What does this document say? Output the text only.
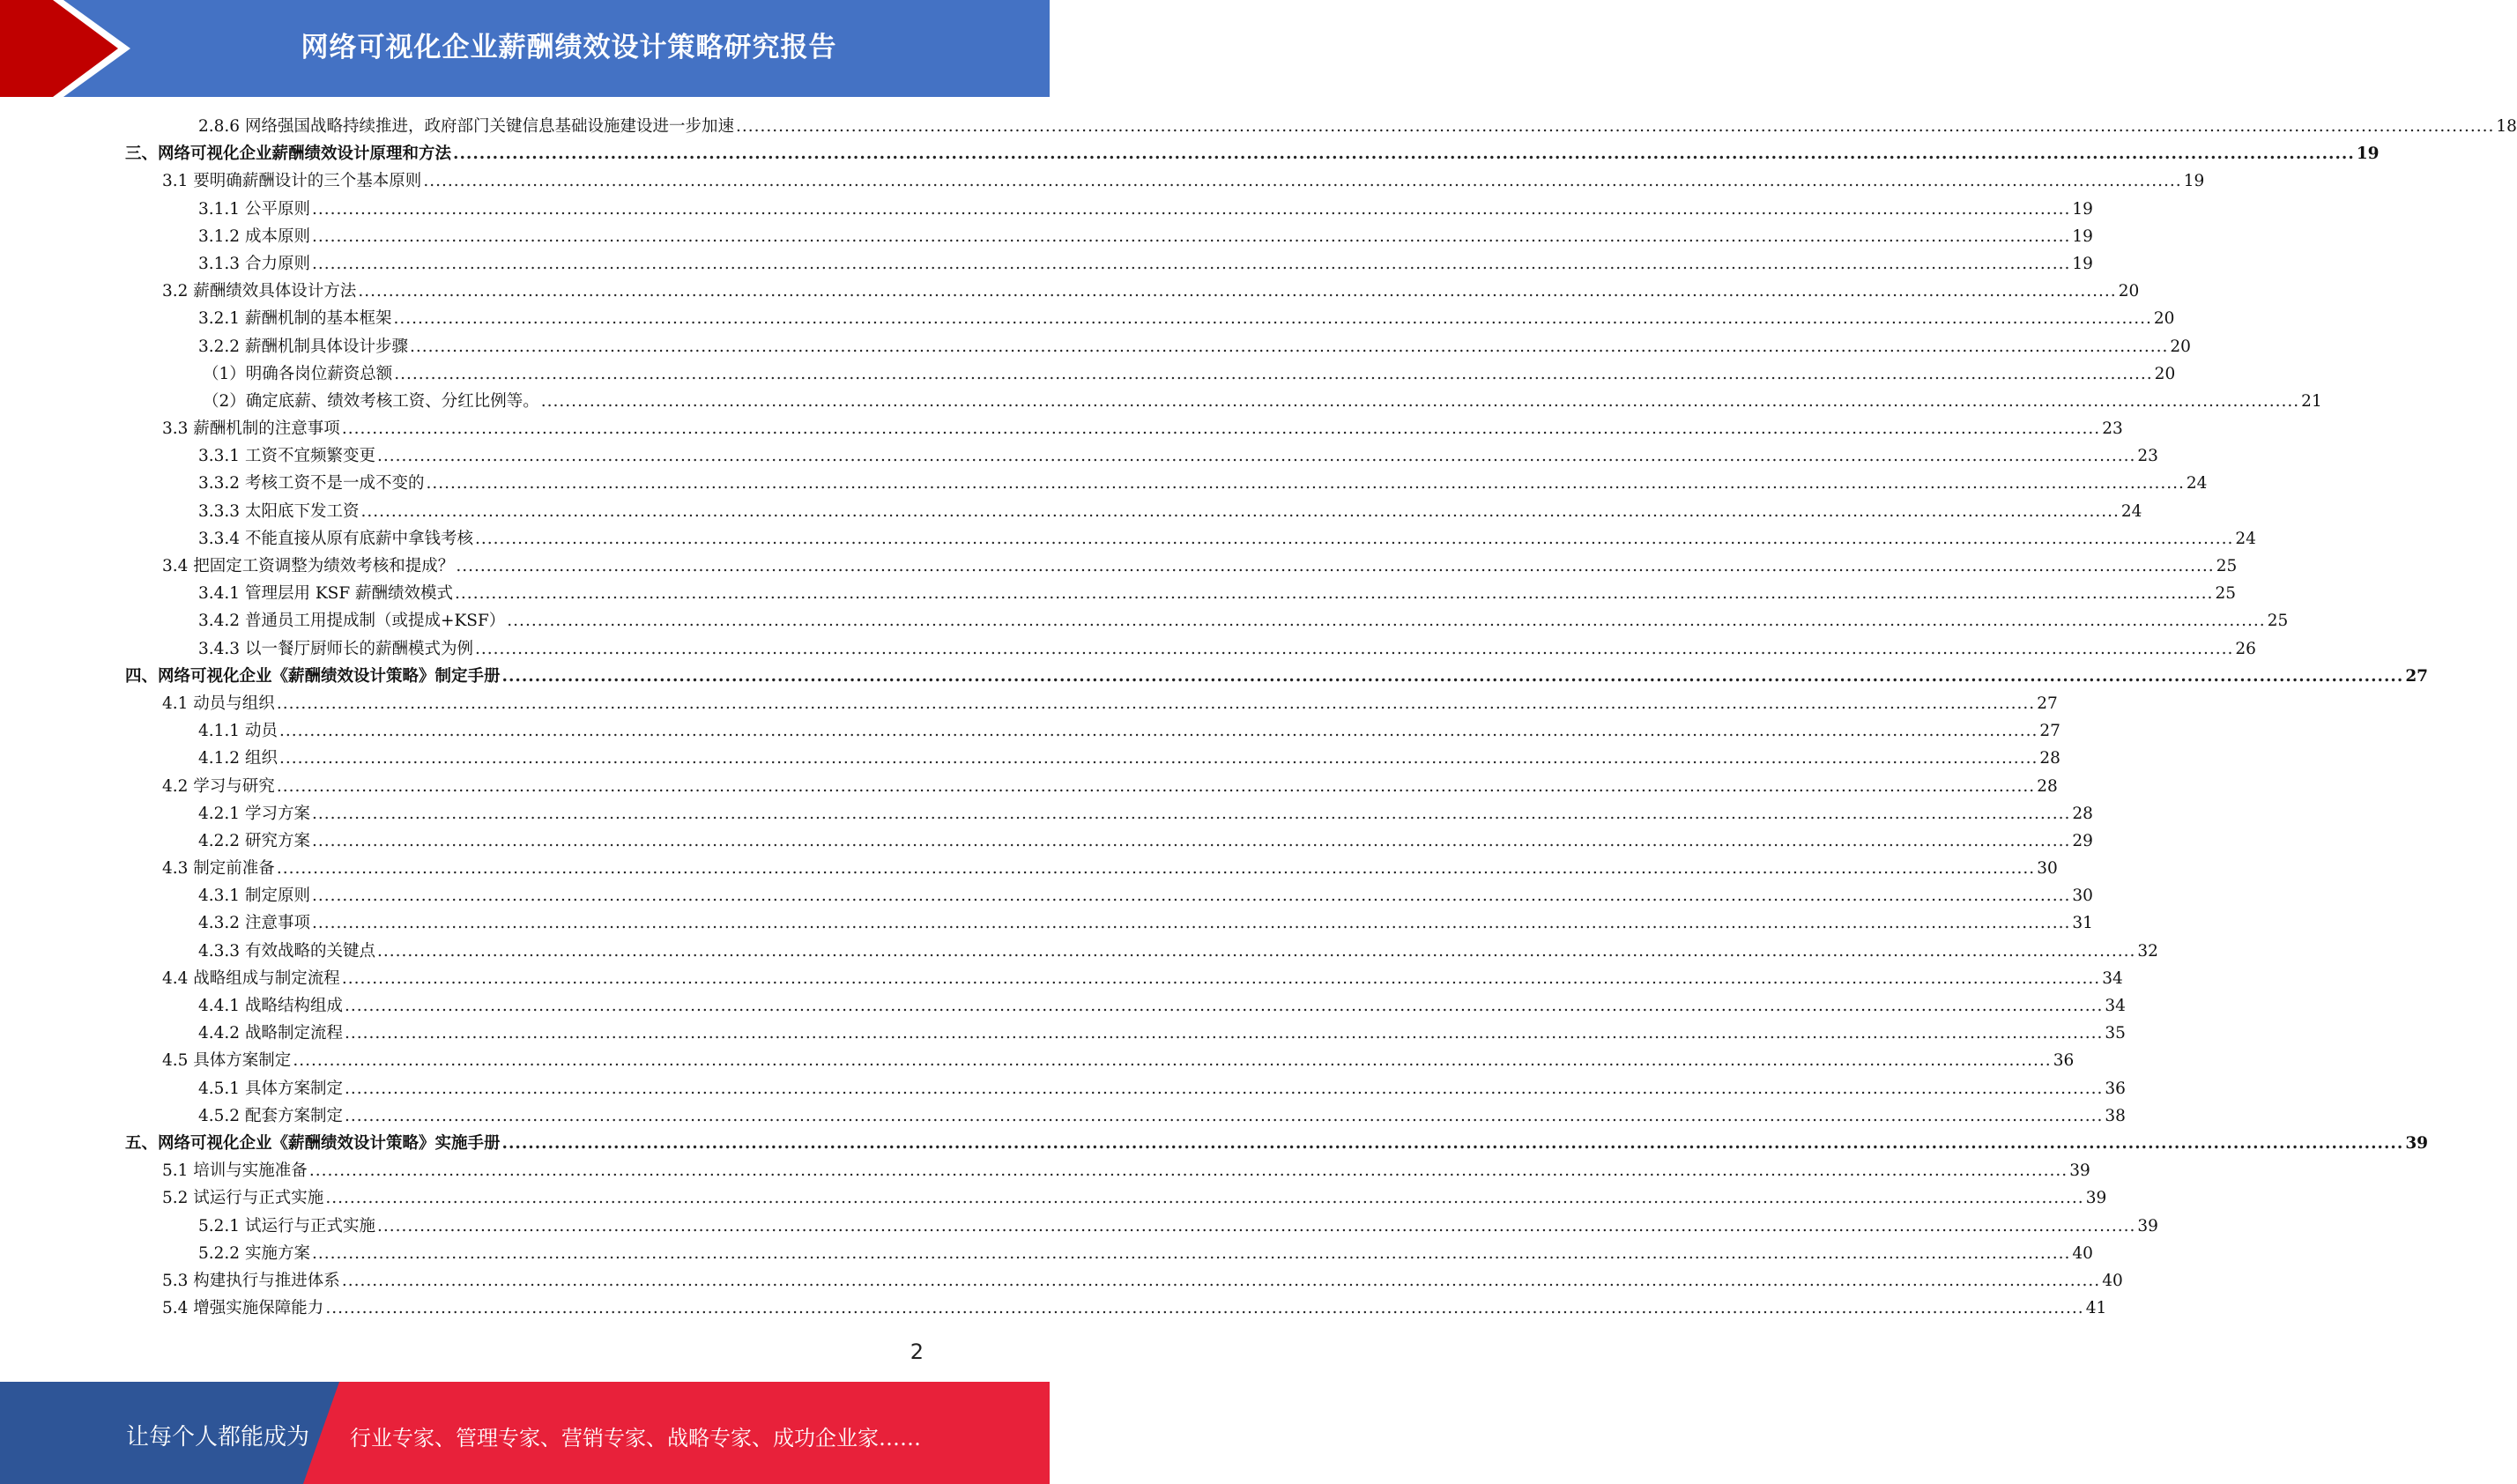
网络可视化企业薪酬绩效设计策略研究报告
2.8.6 网络强国战略持续推进，政府部门关键信息基础设施建设进一步加速 .....	18
三、网络可视化企业薪酬绩效设计原理和方法 .....	19
3.1 要明确薪酬设计的三个基本原则 .....	19
3.1.1 公平原则 .....	19
3.1.2 成本原则 .....	19
3.1.3 合力原则 .....	19
3.2 薪酬绩效具体设计方法 .....	20
3.2.1 薪酬机制的基本框架 .....	20
3.2.2 薪酬机制具体设计步骤 .....	20
（1）明确各岗位薪资总额 .....	20
（2）确定底薪、绩效考核工资、分红比例等。 .....	21
3.3 薪酬机制的注意事项 .....	23
3.3.1 工资不宜频繁变更 .....	23
3.3.2 考核工资不是一成不变的 .....	24
3.3.3 太阳底下发工资 .....	24
3.3.4 不能直接从原有底薪中拿钱考核 .....	24
3.4 把固定工资调整为绩效考核和提成？ .....	25
3.4.1 管理层用 KSF 薪酬绩效模式 .....	25
3.4.2 普通员工用提成制（或提成+KSF） .....	25
3.4.3 以一餐厅厨师长的薪酬模式为例 .....	26
四、网络可视化企业《薪酬绩效设计策略》制定手册 .....	27
4.1 动员与组织 .....	27
4.1.1 动员 .....	27
4.1.2 组织 .....	28
4.2 学习与研究 .....	28
4.2.1 学习方案 .....	28
4.2.2 研究方案 .....	29
4.3 制定前准备 .....	30
4.3.1 制定原则 .....	30
4.3.2 注意事项 .....	31
4.3.3 有效战略的关键点 .....	32
4.4 战略组成与制定流程 .....	34
4.4.1 战略结构组成 .....	34
4.4.2 战略制定流程 .....	35
4.5 具体方案制定 .....	36
4.5.1 具体方案制定 .....	36
4.5.2 配套方案制定 .....	38
五、网络可视化企业《薪酬绩效设计策略》实施手册 .....	39
5.1 培训与实施准备 .....	39
5.2 试运行与正式实施 .....	39
5.2.1 试运行与正式实施 .....	39
5.2.2 实施方案 .....	40
5.3 构建执行与推进体系 .....	40
5.4 增强实施保障能力 .....	41
2
让每个人都能成为 行业专家、管理专家、营销专家、战略专家、成功企业家……
